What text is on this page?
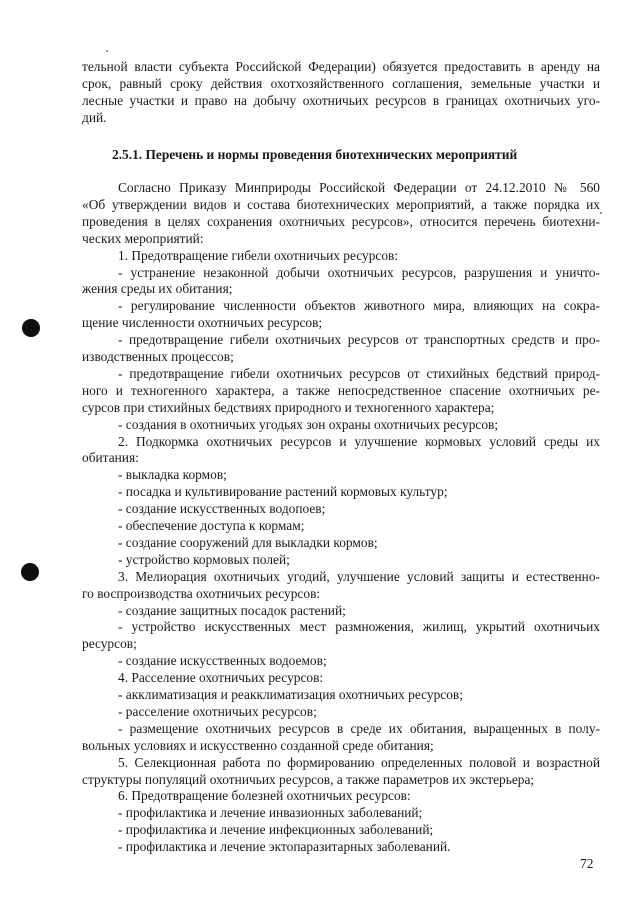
тельной власти субъекта Российской Федерации) обязуется предоставить в аренду на
срок, равный сроку действия охотхозяйственного соглашения, земельные участки и
лесные участки и право на добычу охотничьих ресурсов в границах охотничьих уго-
дий.
2.5.1. Перечень и нормы проведения биотехнических мероприятий
Согласно Приказу Минприроды Российской Федерации от 24.12.2010 № 560
«Об утверждении видов и состава биотехнических мероприятий, а также порядка их
проведения в целях сохранения охотничьих ресурсов», относится перечень биотехни-
ческих мероприятий:
1. Предотвращение гибели охотничьих ресурсов:
- устранение незаконной добычи охотничьих ресурсов, разрушения и уничто-
жения среды их обитания;
- регулирование численности объектов животного мира, влияющих на сокра-
щение численности охотничьих ресурсов;
- предотвращение гибели охотничьих ресурсов от транспортных средств и про-
изводственных процессов;
- предотвращение гибели охотничьих ресурсов от стихийных бедствий природ-
ного и техногенного характера, а также непосредственное спасение охотничьих ре-
сурсов при стихийных бедствиях природного и техногенного характера;
- создания в охотничьих угодьях зон охраны охотничьих ресурсов;
2. Подкормка охотничьих ресурсов и улучшение кормовых условий среды их
обитания:
- выкладка кормов;
- посадка и культивирование растений кормовых культур;
- создание искусственных водопоев;
- обеспечение доступа к кормам;
- создание сооружений для выкладки кормов;
- устройство кормовых полей;
3. Мелиорация охотничьих угодий, улучшение условий защиты и естественно-
го воспроизводства охотничьих ресурсов:
- создание защитных посадок растений;
- устройство искусственных мест размножения, жилищ, укрытий охотничьих
ресурсов;
- создание искусственных водоемов;
4. Расселение охотничьих ресурсов:
- акклиматизация и реакклиматизация охотничьих ресурсов;
- расселение охотничьих ресурсов;
- размещение охотничьих ресурсов в среде их обитания, выращенных в полу-
вольных условиях и искусственно созданной среде обитания;
5. Селекционная работа по формированию определенных половой и возрастной
структуры популяций охотничьих ресурсов, а также параметров их экстерьера;
6. Предотвращение болезней охотничьих ресурсов:
- профилактика и лечение инвазионных заболеваний;
- профилактика и лечение инфекционных заболеваний;
- профилактика и лечение эктопаразитарных заболеваний.
72
